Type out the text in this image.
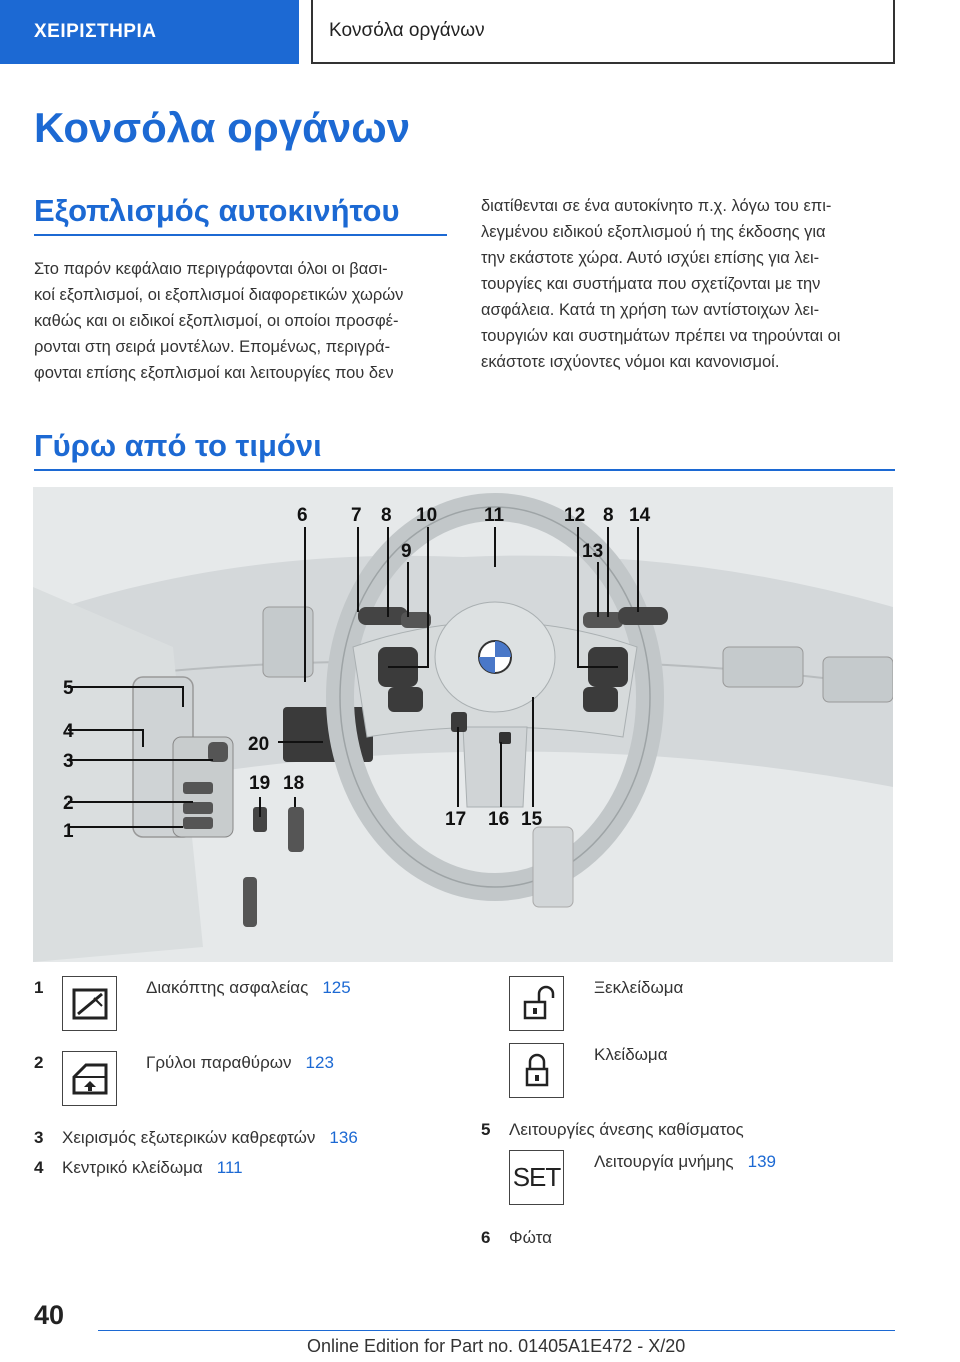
ΧΕΙΡΙΣΤΗΡΙΑ	Κονσόλα οργάνων
Κονσόλα οργάνων
Εξοπλισμός αυτοκινήτου
Στο παρόν κεφάλαιο περιγράφονται όλοι οι βασι-
κοί εξοπλισμοί, οι εξοπλισμοί διαφορετικών χωρών
καθώς και οι ειδικοί εξοπλισμοί, οι οποίοι προσφέ-
ρονται στη σειρά μοντέλων. Επομένως, περιγρά-
φονται επίσης εξοπλισμοί και λειτουργίες που δεν
διατίθενται σε ένα αυτοκίνητο π.χ. λόγω του επι-
λεγμένου ειδικού εξοπλισμού ή της έκδοσης για
την εκάστοτε χώρα. Αυτό ισχύει επίσης για λει-
τουργίες και συστήματα που σχετίζονται με την
ασφάλεια. Κατά τη χρήση των αντίστοιχων λει-
τουργιών και συστημάτων πρέπει να τηρούνται οι
εκάστοτε ισχύοντες νόμοι και κανονισμοί.
Γύρω από το τιμόνι
6 7 8 10
9
11	12 8 14
13
5
4
3
2
1
20
19 18
17 16 15
1	Διακόπτης ασφαλείας 125
2	Γρύλοι παραθύρων 123
3 Χειρισμός εξωτερικών καθρεφτών 136
4 Κεντρικό κλείδωμα 111
Ξεκλείδωμα
Κλείδωμα
5 Λειτουργίες άνεσης καθίσματος
SET
Λειτουργία μνήμης 139
6 Φώτα
40
Online Edition for Part no. 01405A1E472 - X/20
